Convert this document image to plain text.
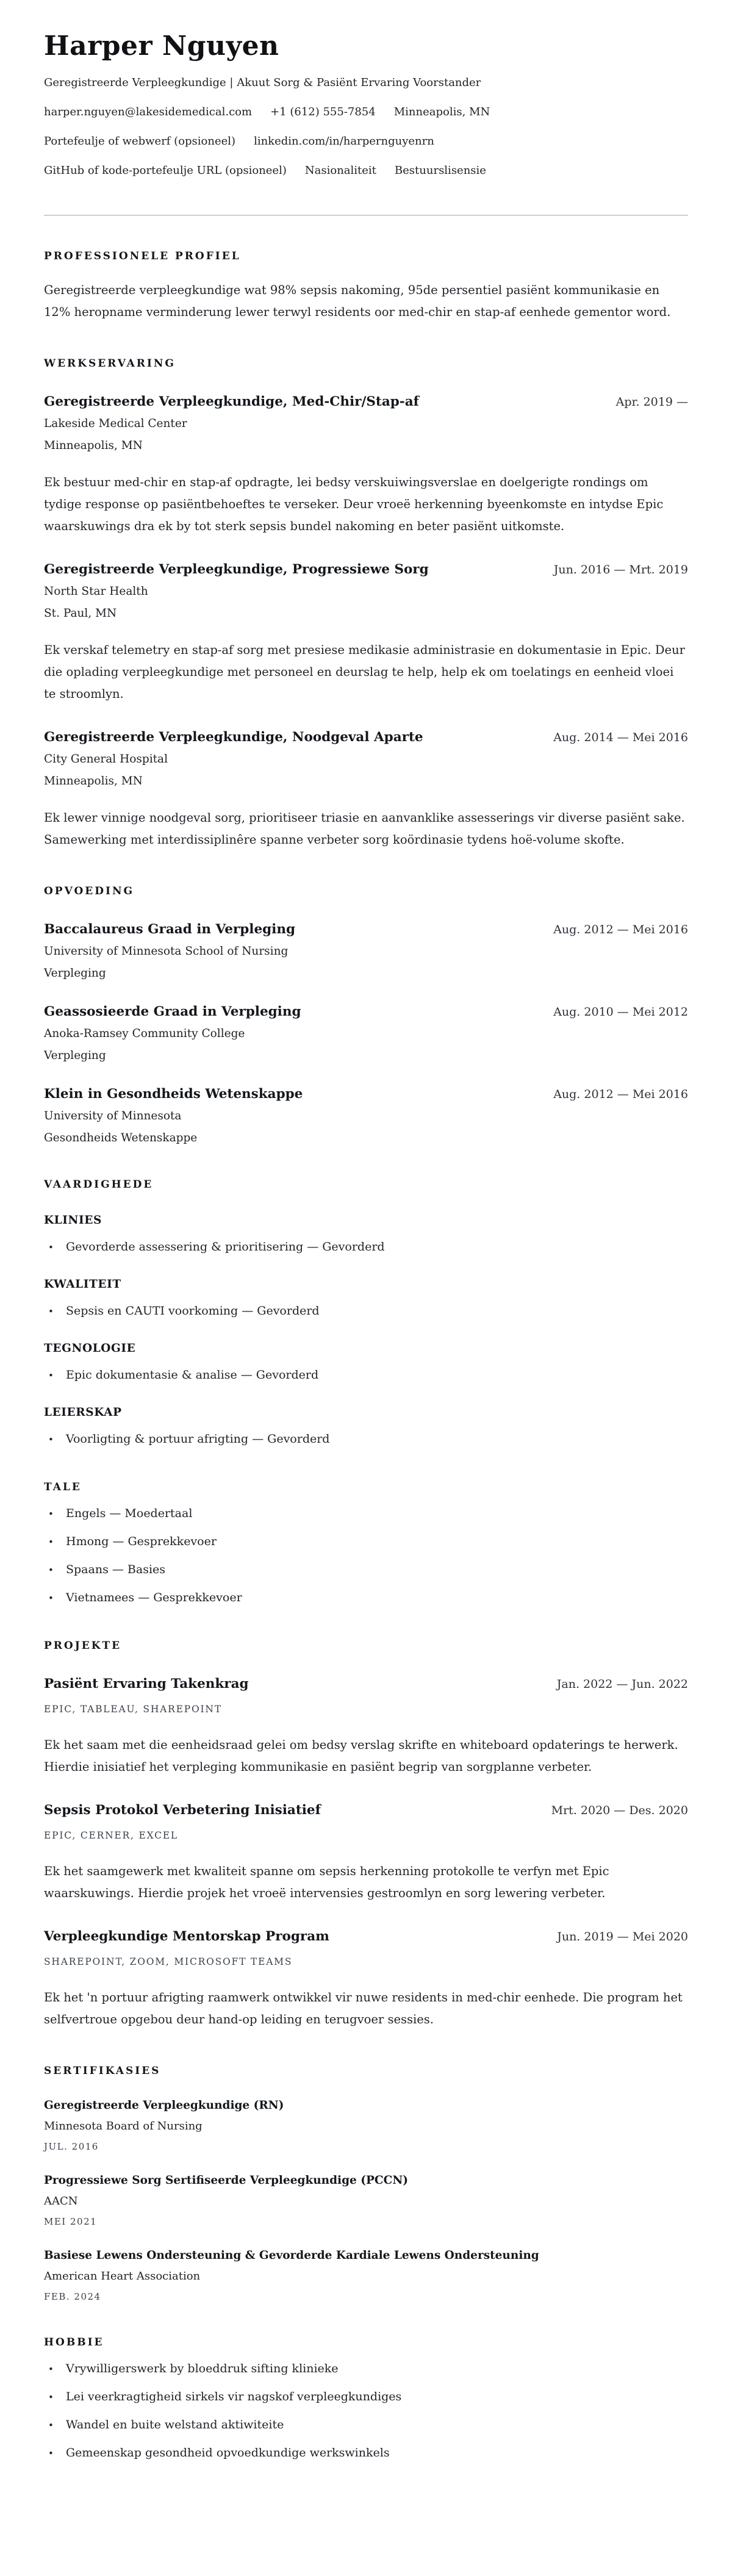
Harper Nguyen

Geregistreerde Verpleegkundige | Akuut Sorg & Pasiënt Ervaring Voorstander

harper.nguyen@lakesidemedical.com +1 (612) 555-7854 Minneapolis, MN
Portefeulje of webwerf (opsioneel) linkedin.com/in/harpernguyenrn
GitHub of kode-portefeulje URL (opsioneel) Nasionaliteit Bestuurslisensie
PROFESSIONELE PROFIEL

Geregistreerde verpleegkundige wat 98% sepsis nakoming, 95de persentiel pasiënt kommunikasie en 12% heropname verminderung lewer terwyl residents oor med-chir en stap-af eenhede gementor word.

WERKSERVARING
Geregistreerde Verpleegkundige, Med-Chir/Stap-af	Apr. 2019 —

Lakeside Medical Center

Minneapolis, MN

Ek bestuur med-chir en stap-af opdragte, lei bedsy verskuiwingsverslae en doelgerigte rondings om tydige response op pasiëntbehoeftes te verseker. Deur vroeë herkenning byeenkomste en intydse Epic waarskuwings dra ek by tot sterk sepsis bundel nakoming en beter pasiënt uitkomste.

Geregistreerde Verpleegkundige, Progressiewe Sorg	Jun. 2016 — Mrt. 2019

North Star Health

St. Paul, MN

Ek verskaf telemetry en stap-af sorg met presiese medikasie administrasie en dokumentasie in Epic. Deur die oplading verpleegkundige met personeel en deurslag te help, help ek om toelatings en eenheid vloei te stroomlyn.

Geregistreerde Verpleegkundige, Noodgeval Aparte	Aug. 2014 — Mei 2016

City General Hospital

Minneapolis, MN

Ek lewer vinnige noodgeval sorg, prioritiseer triasie en aanvanklike assesserings vir diverse pasiënt sake. Samewerking met interdissiplinêre spanne verbeter sorg koördinasie tydens hoë-volume skofte.

OPVOEDING
Baccalaureus Graad in Verpleging	Aug. 2012 — Mei 2016

University of Minnesota School of Nursing

Verpleging

Geassosieerde Graad in Verpleging	Aug. 2010 — Mei 2012

Anoka-Ramsey Community College

Verpleging

Klein in Gesondheids Wetenskappe	Aug. 2012 — Mei 2016

University of Minnesota

Gesondheids Wetenskappe

VAARDIGHEDE
KLINIES
• Gevorderde assessering & prioritisering — Gevorderd
KWALITEIT
• Sepsis en CAUTI voorkoming — Gevorderd
TEGNOLOGIE
• Epic dokumentasie & analise — Gevorderd
LEIERSKAP
• Voorligting & portuur afrigting — Gevorderd
TALE
• Engels — Moedertaal
• Hmong — Gesprekkevoer
• Spaans — Basies
• Vietnamees — Gesprekkevoer
PROJEKTE
Pasiënt Ervaring Takenkrag	Jan. 2022 — Jun. 2022

EPIC, TABLEAU, SHAREPOINT

Ek het saam met die eenheidsraad gelei om bedsy verslag skrifte en whiteboard opdaterings te herwerk. Hierdie inisiatief het verpleging kommunikasie en pasiënt begrip van sorgplanne verbeter.

Sepsis Protokol Verbetering Inisiatief	Mrt. 2020 — Des. 2020

EPIC, CERNER, EXCEL

Ek het saamgewerk met kwaliteit spanne om sepsis herkenning protokolle te verfyn met Epic waarskuwings. Hierdie projek het vroeë intervensies gestroomlyn en sorg lewering verbeter.

Verpleegkundige Mentorskap Program	Jun. 2019 — Mei 2020

SHAREPOINT, ZOOM, MICROSOFT TEAMS

Ek het 'n portuur afrigting raamwerk ontwikkel vir nuwe residents in med-chir eenhede. Die program het selfvertroue opgebou deur hand-op leiding en terugvoer sessies.

SERTIFIKASIES

Geregistreerde Verpleegkundige (RN)

Minnesota Board of Nursing

JUL. 2016

Progressiewe Sorg Sertifiseerde Verpleegkundige (PCCN)

AACN

MEI 2021

Basiese Lewens Ondersteuning & Gevorderde Kardiale Lewens Ondersteuning

American Heart Association

FEB. 2024

HOBBIE
• Vrywilligerswerk by bloeddruk sifting klinieke
• Lei veerkragtigheid sirkels vir nagskof verpleegkundiges
• Wandel en buite welstand aktiwiteite
• Gemeenskap gesondheid opvoedkundige werkswinkels
